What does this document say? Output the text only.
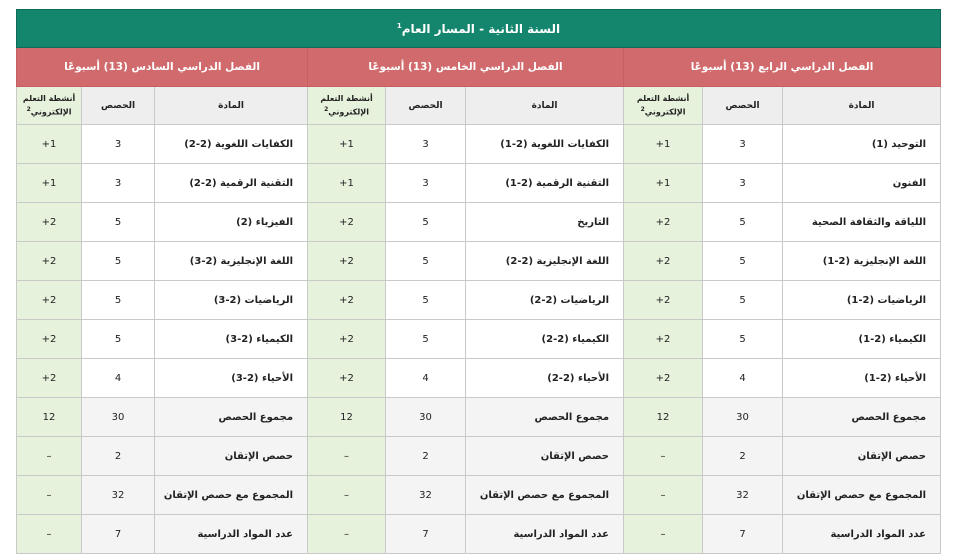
السنة الثانية - المسار العام$^1$
الفصل الدراسي الرابع (13) أسبوعًا			الفصل الدراسي الخامس (13) أسبوعًا			الفصل الدراسي السادس (13) أسبوعًا		
المادة	الحصص	أنشطة التعلم الإلكتروني$^2$	المادة	الحصص	أنشطة التعلم الإلكتروني$^2$	المادة	الحصص	أنشطة التعلم الإلكتروني$^2$
التوحيد (1)	3	1+	الكفايات اللغوية (2-1)	3	1+	الكفايات اللغوية (2-2)	3	1+
الفنون	3	1+	التقنية الرقمية (2-1)	3	1+	التقنية الرقمية (2-2)	3	1+
اللياقة والثقافة الصحية	5	2+	التاريخ	5	2+	الفيزياء (2)	5	2+
اللغة الإنجليزية (2-1)	5	2+	اللغة الإنجليزية (2-2)	5	2+	اللغة الإنجليزية (2-3)	5	2+
الرياضيات (2-1)	5	2+	الرياضيات (2-2)	5	2+	الرياضيات (2-3)	5	2+
الكيمياء (2-1)	5	2+	الكيمياء (2-2)	5	2+	الكيمياء (2-3)	5	2+
الأحياء (2-1)	4	2+	الأحياء (2-2)	4	2+	الأحياء (2-3)	4	2+
مجموع الحصص	30	12	مجموع الحصص	30	12	مجموع الحصص	30	12
حصص الإتقان	2	–	حصص الإتقان	2	–	حصص الإتقان	2	–
المجموع مع حصص الإتقان	32	–	المجموع مع حصص الإتقان	32	–	المجموع مع حصص الإتقان	32	–
عدد المواد الدراسية	7	–	عدد المواد الدراسية	7	–	عدد المواد الدراسية	7	–
